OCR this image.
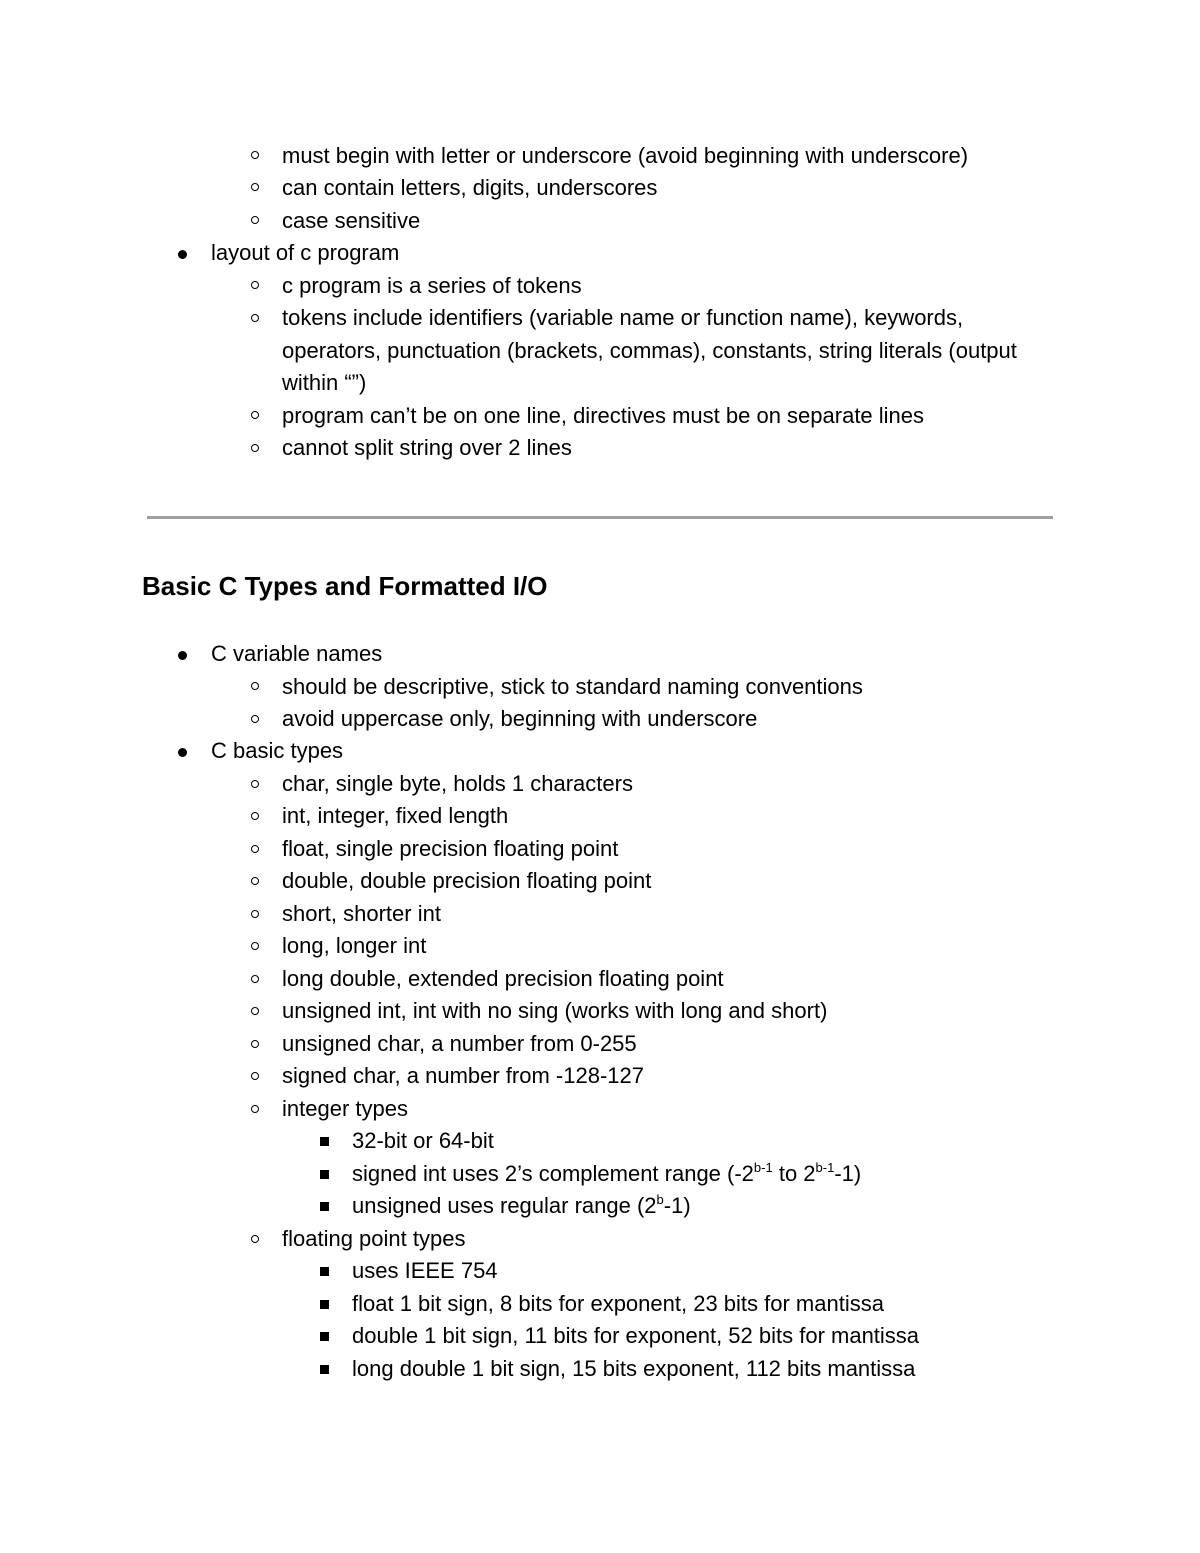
must begin with letter or underscore (avoid beginning with underscore)
can contain letters, digits, underscores
case sensitive
layout of c program
c program is a series of tokens
tokens include identifiers (variable name or function name), keywords,
operators, punctuation (brackets, commas), constants, string literals (output
within “”)
program can’t be on one line, directives must be on separate lines
cannot split string over 2 lines
Basic C Types and Formatted I/O
C variable names
should be descriptive, stick to standard naming conventions
avoid uppercase only, beginning with underscore
C basic types
char, single byte, holds 1 characters
int, integer, fixed length
float, single precision floating point
double, double precision floating point
short, shorter int
long, longer int
long double, extended precision floating point
unsigned int, int with no sing (works with long and short)
unsigned char, a number from 0-255
signed char, a number from -128-127
integer types
32-bit or 64-bit
signed int uses 2’s complement range (-2$^{b-1}$ to 2$^{b-1}$-1)
unsigned uses regular range (2$^b$-1)
floating point types
uses IEEE 754
float 1 bit sign, 8 bits for exponent, 23 bits for mantissa
double 1 bit sign, 11 bits for exponent, 52 bits for mantissa
long double 1 bit sign, 15 bits exponent, 112 bits mantissa
